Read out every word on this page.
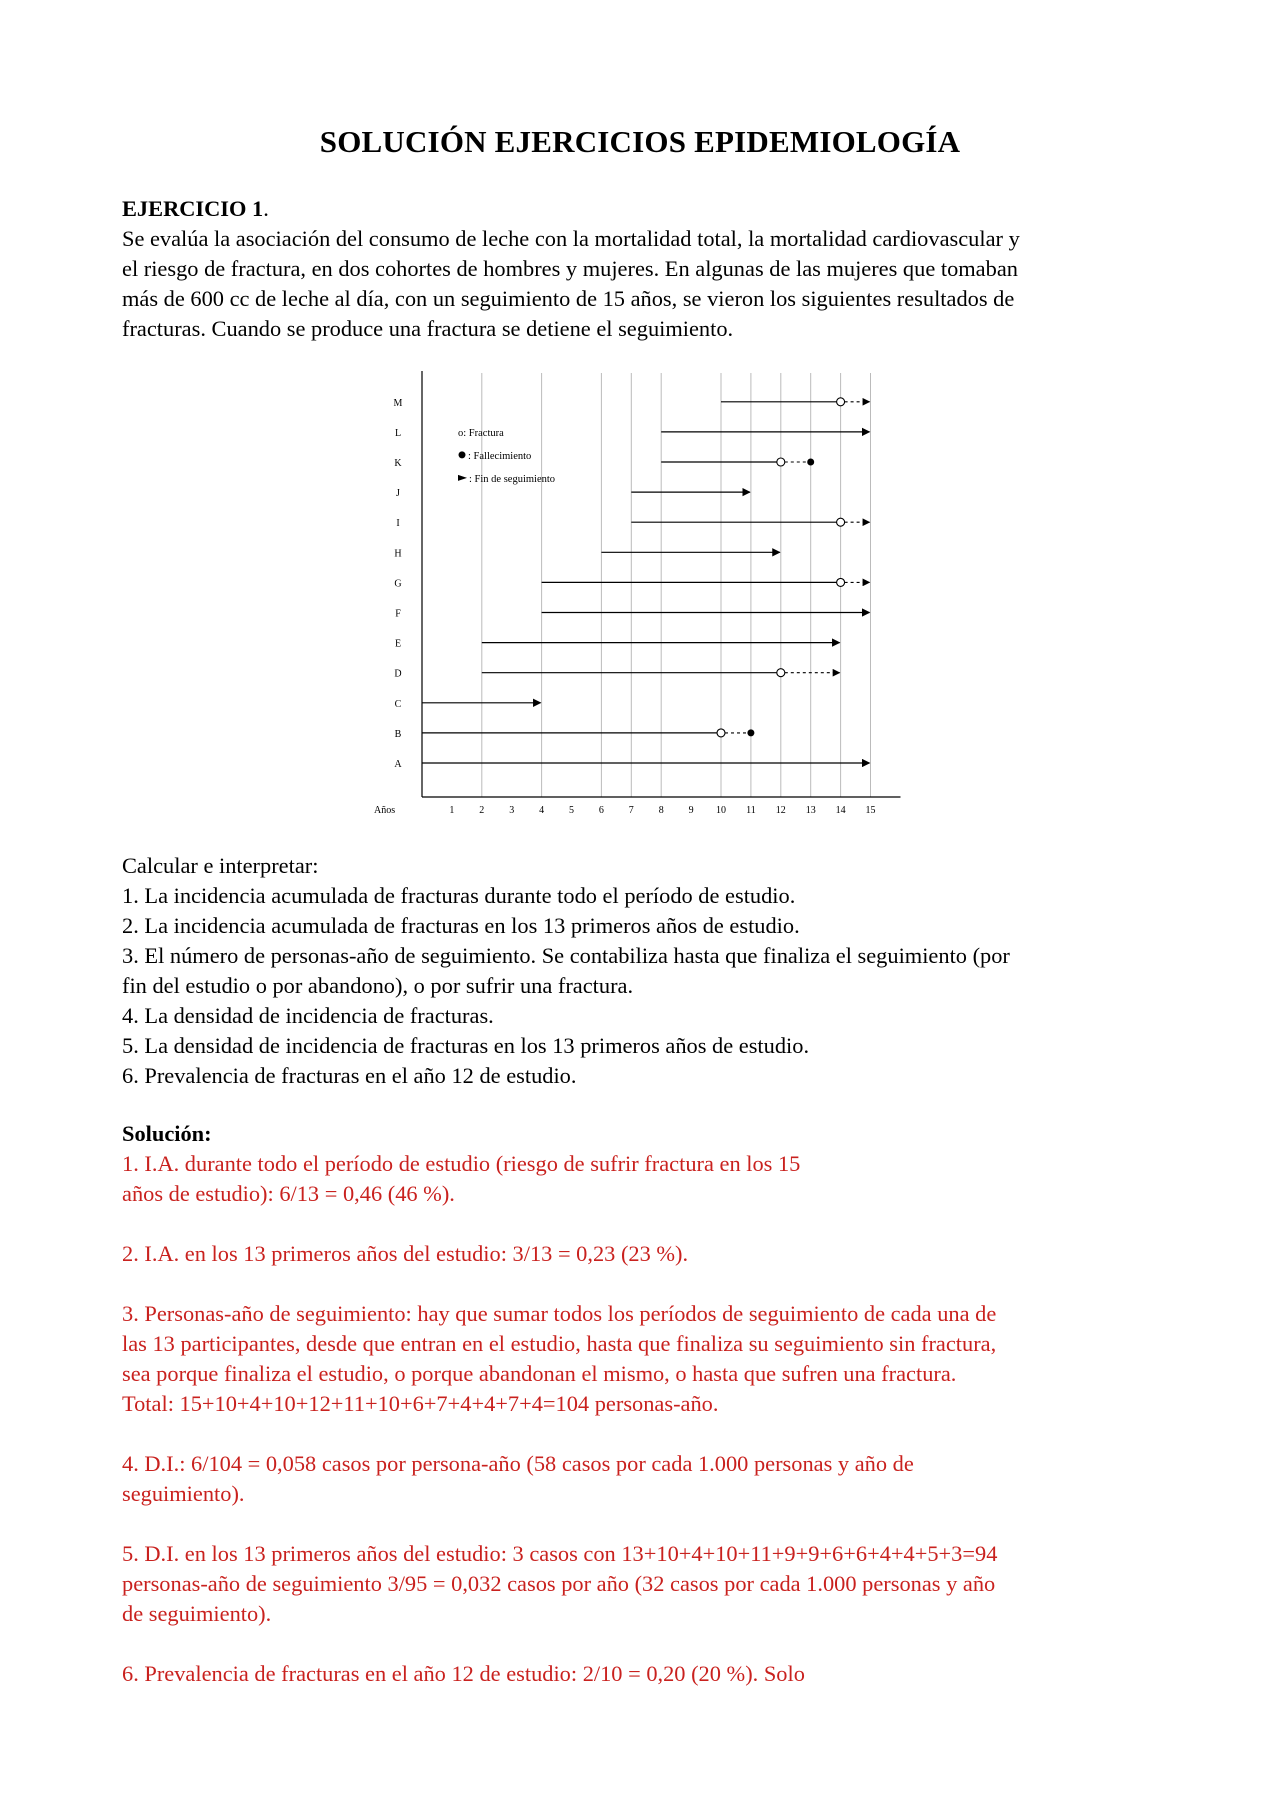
SOLUCIÓN EJERCICIOS EPIDEMIOLOGÍA

EJERCICIO 1.

Se evalúa la asociación del consumo de leche con la mortalidad total, la mortalidad cardiovascular y

el riesgo de fractura, en dos cohortes de hombres y mujeres. En algunas de las mujeres que tomaban

más de 600 cc de leche al día, con un seguimiento de 15 años, se vieron los siguientes resultados de

fracturas. Cuando se produce una fractura se detiene el seguimiento.

1 2 3 4 5 6 7 8 9 10 11 12 13 14 15
Años
A
B
C
D
E
F
G
H
I
J
K
L
M
o: Fractura
: Fallecimiento
: Fin de seguimiento

Calcular e interpretar:

1. La incidencia acumulada de fracturas durante todo el período de estudio.

2. La incidencia acumulada de fracturas en los 13 primeros años de estudio.

3. El número de personas-año de seguimiento. Se contabiliza hasta que finaliza el seguimiento (por

fin del estudio o por abandono), o por sufrir una fractura.

4. La densidad de incidencia de fracturas.

5. La densidad de incidencia de fracturas en los 13 primeros años de estudio.

6. Prevalencia de fracturas en el año 12 de estudio.

Solución:

1. I.A. durante todo el período de estudio (riesgo de sufrir fractura en los 15

años de estudio): 6/13 = 0,46 (46 %).

2. I.A. en los 13 primeros años del estudio: 3/13 = 0,23 (23 %).

3. Personas-año de seguimiento: hay que sumar todos los períodos de seguimiento de cada una de

las 13 participantes, desde que entran en el estudio, hasta que finaliza su seguimiento sin fractura,

sea porque finaliza el estudio, o porque abandonan el mismo, o hasta que sufren una fractura.

Total: 15+10+4+10+12+11+10+6+7+4+4+7+4=104 personas-año.

4. D.I.: 6/104 = 0,058 casos por persona-año (58 casos por cada 1.000 personas y año de

seguimiento).

5. D.I. en los 13 primeros años del estudio: 3 casos con 13+10+4+10+11+9+9+6+6+4+4+5+3=94

personas-año de seguimiento 3/95 = 0,032 casos por año (32 casos por cada 1.000 personas y año

de seguimiento).

6. Prevalencia de fracturas en el año 12 de estudio: 2/10 = 0,20 (20 %). Solo
